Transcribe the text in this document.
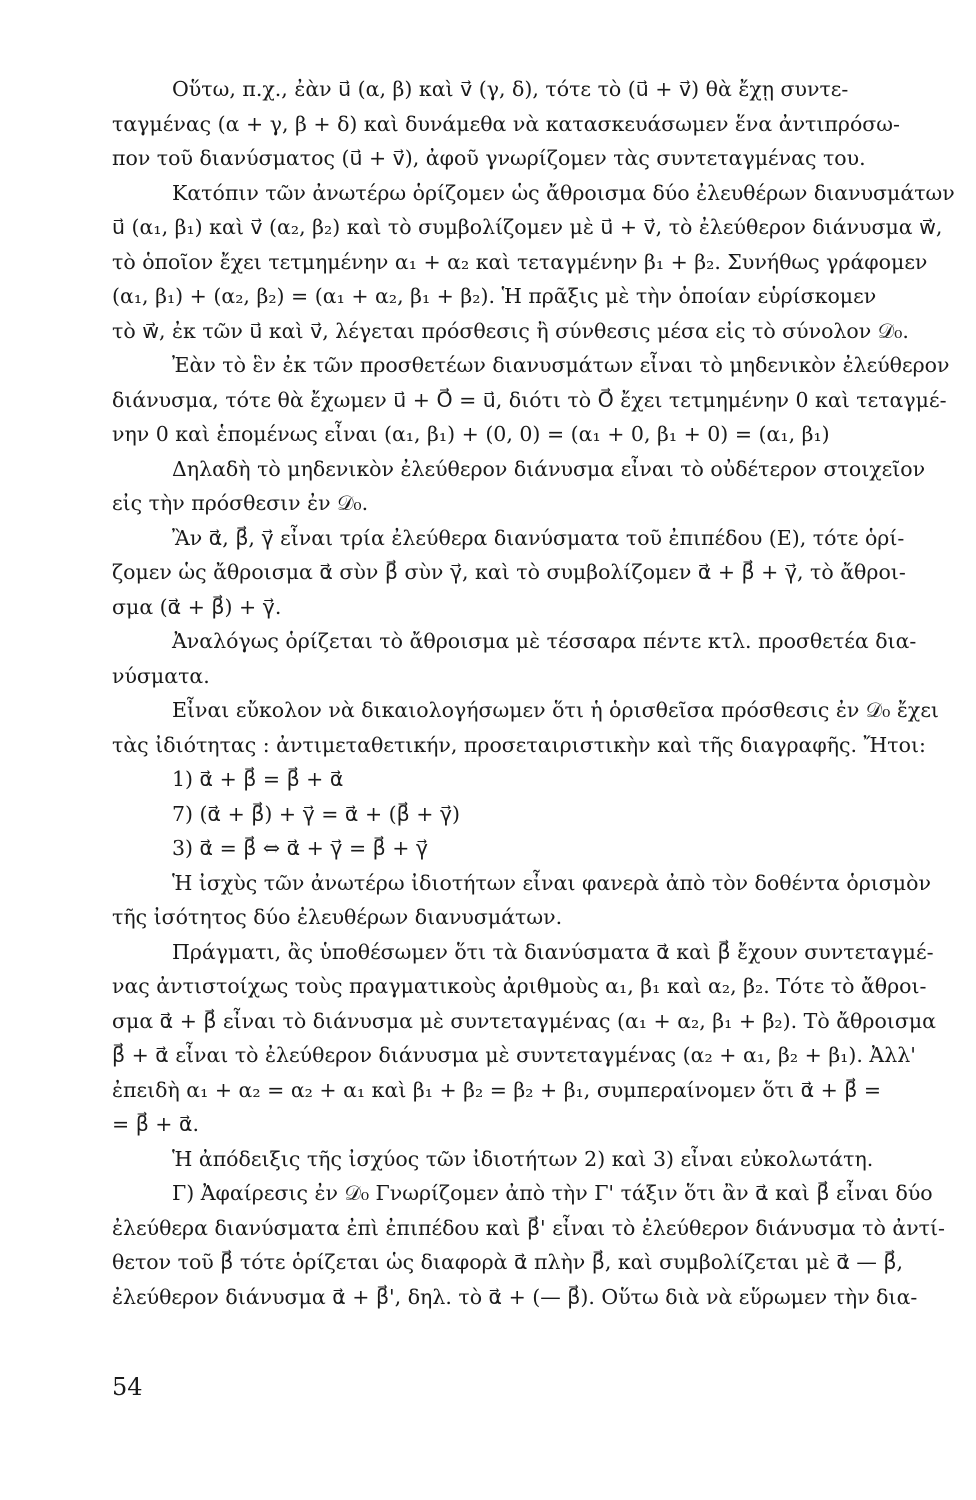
Οὕτω, π.χ., ἐὰν u⃗ (α, β) καὶ v⃗ (γ, δ), τότε τὸ (u⃗ + v⃗) θὰ ἔχῃ συντε-
ταγμένας (α + γ, β + δ) καὶ δυνάμεθα νὰ κατασκευάσωμεν ἕνα ἀντιπρόσω-
πον τοῦ διανύσματος (u⃗ + v⃗), ἀφοῦ γνωρίζομεν τὰς συντεταγμένας του.
Κατόπιν τῶν ἀνωτέρω ὁρίζομεν ὡς ἄθροισμα δύο ἐλευθέρων διανυσμάτων
u⃗ (α₁, β₁) καὶ v⃗ (α₂, β₂) καὶ τὸ συμβολίζομεν μὲ u⃗ + v⃗, τὸ ἐλεύθερον διάνυσμα w⃗,
τὸ ὁποῖον ἔχει τετμημένην α₁ + α₂ καὶ τεταγμένην β₁ + β₂. Συνήθως γράφομεν
(α₁, β₁) + (α₂, β₂) = (α₁ + α₂, β₁ + β₂). Ἡ πρᾶξις μὲ τὴν ὁποίαν εὑρίσκομεν
τὸ w⃗, ἐκ τῶν u⃗ καὶ v⃗, λέγεται πρόσθεσις ἢ σύνθεσις μέσα εἰς τὸ σύνολον 𝒟₀.
Ἐὰν τὸ ἓν ἐκ τῶν προσθετέων διανυσμάτων εἶναι τὸ μηδενικὸν ἐλεύθερον
διάνυσμα, τότε θὰ ἔχωμεν u⃗ + O⃗ = u⃗, διότι τὸ O⃗ ἔχει τετμημένην 0 καὶ τεταγμέ-
νην 0 καὶ ἑπομένως εἶναι (α₁, β₁) + (0, 0) = (α₁ + 0, β₁ + 0) = (α₁, β₁)
Δηλαδὴ τὸ μηδενικὸν ἐλεύθερον διάνυσμα εἶναι τὸ οὐδέτερον στοιχεῖον
εἰς τὴν πρόσθεσιν ἐν 𝒟₀.
Ἂν α⃗, β⃗, γ⃗ εἶναι τρία ἐλεύθερα διανύσματα τοῦ ἐπιπέδου (Ε), τότε ὁρί-
ζομεν ὡς ἄθροισμα α⃗ σὺν β⃗ σὺν γ⃗, καὶ τὸ συμβολίζομεν α⃗ + β⃗ + γ⃗, τὸ ἄθροι-
σμα (α⃗ + β⃗) + γ⃗.
Ἀναλόγως ὁρίζεται τὸ ἄθροισμα μὲ τέσσαρα πέντε κτλ. προσθετέα δια-
νύσματα.
Εἶναι εὔκολον νὰ δικαιολογήσωμεν ὅτι ἡ ὁρισθεῖσα πρόσθεσις ἐν 𝒟₀ ἔχει
τὰς ἰδιότητας : ἀντιμεταθετικήν, προσεταιριστικὴν καὶ τῆς διαγραφῆς. Ἤτοι:
1) α⃗ + β⃗ = β⃗ + α⃗
7) (α⃗ + β⃗) + γ⃗ = α⃗ + (β⃗ + γ⃗)
3) α⃗ = β⃗ ⇔ α⃗ + γ⃗ = β⃗ + γ⃗
Ἡ ἰσχὺς τῶν ἀνωτέρω ἰδιοτήτων εἶναι φανερὰ ἀπὸ τὸν δοθέντα ὁρισμὸν
τῆς ἰσότητος δύο ἐλευθέρων διανυσμάτων.
Πράγματι, ἂς ὑποθέσωμεν ὅτι τὰ διανύσματα α⃗ καὶ β⃗ ἔχουν συντεταγμέ-
νας ἀντιστοίχως τοὺς πραγματικοὺς ἀριθμοὺς α₁, β₁ καὶ α₂, β₂. Τότε τὸ ἄθροι-
σμα α⃗ + β⃗ εἶναι τὸ διάνυσμα μὲ συντεταγμένας (α₁ + α₂, β₁ + β₂). Τὸ ἄθροισμα
β⃗ + α⃗ εἶναι τὸ ἐλεύθερον διάνυσμα μὲ συντεταγμένας (α₂ + α₁, β₂ + β₁). Ἀλλ'
ἐπειδὴ α₁ + α₂ = α₂ + α₁ καὶ β₁ + β₂ = β₂ + β₁, συμπεραίνομεν ὅτι α⃗ + β⃗ =
= β⃗ + α⃗.
Ἡ ἀπόδειξις τῆς ἰσχύος τῶν ἰδιοτήτων 2) καὶ 3) εἶναι εὐκολωτάτη.
Γ) Ἀφαίρεσις ἐν 𝒟₀ Γνωρίζομεν ἀπὸ τὴν Γ' τάξιν ὅτι ἂν α⃗ καὶ β⃗ εἶναι δύο
ἐλεύθερα διανύσματα ἐπὶ ἐπιπέδου καὶ β⃗' εἶναι τὸ ἐλεύθερον διάνυσμα τὸ ἀντί-
θετον τοῦ β⃗ τότε ὁρίζεται ὡς διαφορὰ α⃗ πλὴν β⃗, καὶ συμβολίζεται μὲ α⃗ — β⃗,
ἐλεύθερον διάνυσμα α⃗ + β⃗', δηλ. τὸ α⃗ + (— β⃗). Οὕτω διὰ νὰ εὕρωμεν τὴν δια-
54
